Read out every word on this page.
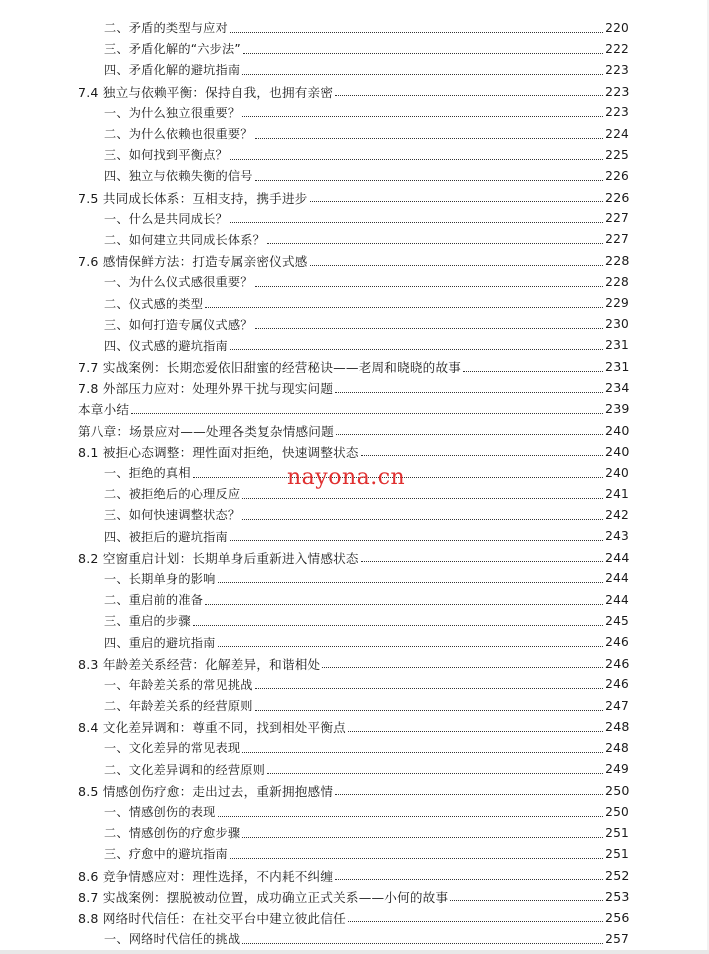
二、矛盾的类型与应对	220
三、矛盾化解的“六步法”	222
四、矛盾化解的避坑指南	223
7.4 独立与依赖平衡：保持自我，也拥有亲密	223
一、为什么独立很重要？	223
二、为什么依赖也很重要？	224
三、如何找到平衡点？	225
四、独立与依赖失衡的信号	226
7.5 共同成长体系：互相支持，携手进步	226
一、什么是共同成长？	227
二、如何建立共同成长体系？	227
7.6 感情保鲜方法：打造专属亲密仪式感	228
一、为什么仪式感很重要？	228
二、仪式感的类型	229
三、如何打造专属仪式感？	230
四、仪式感的避坑指南	231
7.7 实战案例：长期恋爱依旧甜蜜的经营秘诀——老周和晓晓的故事	231
7.8 外部压力应对：处理外界干扰与现实问题	234
本章小结	239
第八章：场景应对——处理各类复杂情感问题	240
8.1 被拒心态调整：理性面对拒绝，快速调整状态	240
一、拒绝的真相	240
二、被拒绝后的心理反应	241
三、如何快速调整状态？	242
四、被拒后的避坑指南	243
8.2 空窗重启计划：长期单身后重新进入情感状态	244
一、长期单身的影响	244
二、重启前的准备	244
三、重启的步骤	245
四、重启的避坑指南	246
8.3 年龄差关系经营：化解差异，和谐相处	246
一、年龄差关系的常见挑战	246
二、年龄差关系的经营原则	247
8.4 文化差异调和：尊重不同，找到相处平衡点	248
一、文化差异的常见表现	248
二、文化差异调和的经营原则	249
8.5 情感创伤疗愈：走出过去，重新拥抱感情	250
一、情感创伤的表现	250
二、情感创伤的疗愈步骤	251
三、疗愈中的避坑指南	251
8.6 竞争情感应对：理性选择，不内耗不纠缠	252
8.7 实战案例：摆脱被动位置，成功确立正式关系——小何的故事	253
8.8 网络时代信任：在社交平台中建立彼此信任	256
一、网络时代信任的挑战	257
nayona.cn
